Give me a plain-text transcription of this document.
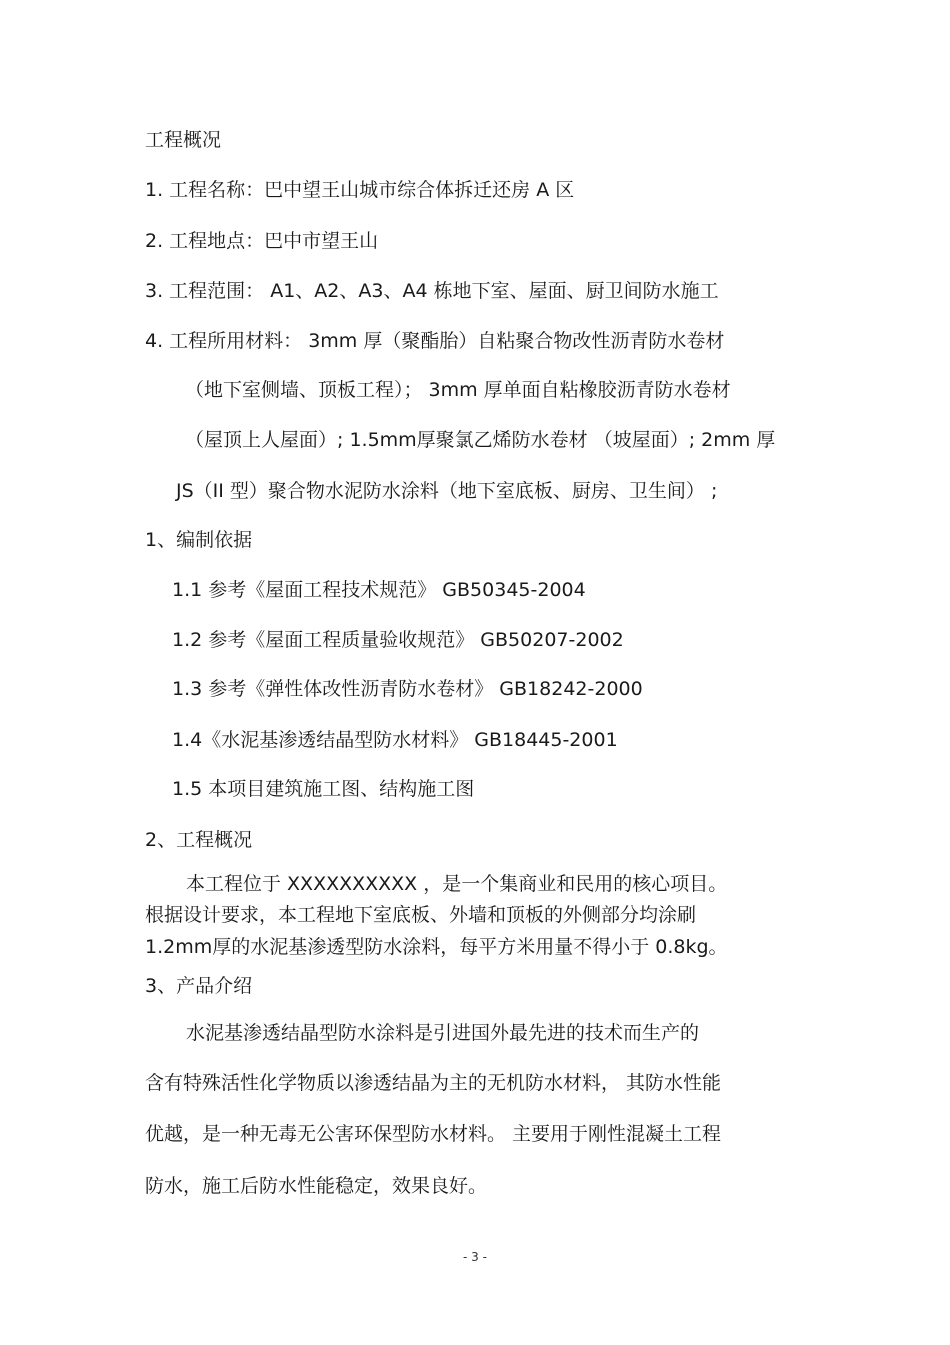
工程概况
1. 工程名称：巴中望王山城市综合体拆迁还房 A 区
2. 工程地点：巴中市望王山
3. 工程范围： A1、A2、A3、A4 栋地下室、屋面、厨卫间防水施工
4. 工程所用材料： 3mm 厚（聚酯胎）自粘聚合物改性沥青防水卷材
（地下室侧墙、顶板工程）； 3mm 厚单面自粘橡胶沥青防水卷材
（屋顶上人屋面）; 1.5mm厚聚氯乙烯防水卷材 （坡屋面）; 2mm 厚
JS（II 型）聚合物水泥防水涂料（地下室底板、厨房、卫生间） ;
1、编制依据
1.1 参考《屋面工程技术规范》 GB50345-2004
1.2 参考《屋面工程质量验收规范》 GB50207-2002
1.3 参考《弹性体改性沥青防水卷材》 GB18242-2000
1.4《水泥基渗透结晶型防水材料》 GB18445-2001
1.5 本项目建筑施工图、结构施工图
2、工程概况
本工程位于 XXXXXXXXXX ，是一个集商业和民用的核心项目。
根据设计要求，本工程地下室底板、外墙和顶板的外侧部分均涂刷
1.2mm厚的水泥基渗透型防水涂料，每平方米用量不得小于 0.8kg。
3、产品介绍
水泥基渗透结晶型防水涂料是引进国外最先进的技术而生产的
含有特殊活性化学物质以渗透结晶为主的无机防水材料， 其防水性能
优越，是一种无毒无公害环保型防水材料。 主要用于刚性混凝土工程
防水，施工后防水性能稳定，效果良好。
- 3 -
